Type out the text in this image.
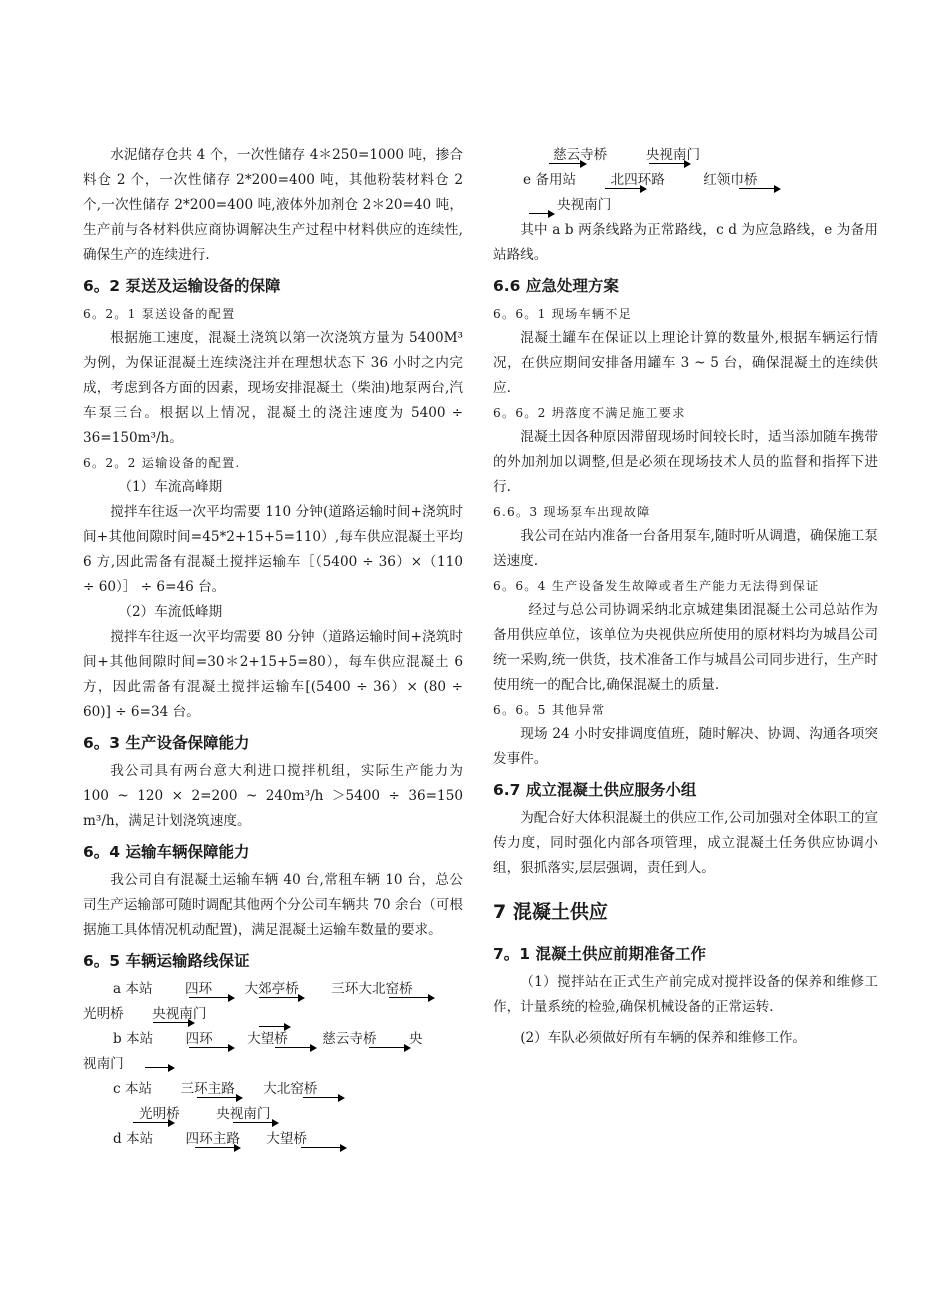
水泥储存仓共 4 个，一次性储存 4＊250=1000 吨，掺合料仓 2 个，一次性储存 2*200=400 吨，其他粉装材料仓 2 个,一次性储存 2*200=400 吨,液体外加剂仓 2＊20=40 吨，生产前与各材料供应商协调解决生产过程中材料供应的连续性,确保生产的连续进行.

6。2 泵送及运输设备的保障
6。2。1 泵送设备的配置

根据施工速度，混凝土浇筑以第一次浇筑方量为 5400M³ 为例，为保证混凝土连续浇注并在理想状态下 36 小时之内完成，考虑到各方面的因素，现场安排混凝土（柴油)地泵两台,汽车泵三台。根据以上情况，混凝土的浇注速度为 5400 ÷ 36=150m³/h。

6。2。2 运输设备的配置.

（1）车流高峰期

搅拌车往返一次平均需要 110 分钟(道路运输时间+浇筑时间+其他间隙时间=45*2+15+5=110）,每车供应混凝土平均 6 方,因此需备有混凝土搅拌运输车［（5400 ÷ 36）×（110 ÷ 60）］ ÷ 6=46 台。

（2）车流低峰期

搅拌车往返一次平均需要 80 分钟（道路运输时间+浇筑时间+其他间隙时间=30＊2+15+5=80），每车供应混凝土 6 方，因此需备有混凝土搅拌运输车[(5400 ÷ 36）× (80 ÷ 60)] ÷ 6=34 台。

6。3 生产设备保障能力

我公司具有两台意大利进口搅拌机组，实际生产能力为 100 ~ 120 × 2=200 ~ 240m³/h ＞5400 ÷ 36=150 m³/h，满足计划浇筑速度。

6。4 运输车辆保障能力

我公司自有混凝土运输车辆 40 台,常租车辆 10 台，总公司生产运输部可随时调配其他两个分公司车辆共 70 余台（可根据施工具体情况机动配置)，满足混凝土运输车数量的要求。

6。5 车辆运输路线保证
a 本站 四环 大郊亭桥 三环大北窑桥
光明桥 央视南门
b 本站 四环	大望桥	慈云寺桥 央
视南门
c 本站 三环主路 大北窑桥
光明桥	央视南门
d 本站 四环主路 大望桥
慈云寺桥	央视南门
e 备用站	北四环路	红领巾桥
央视南门

其中 a b 两条线路为正常路线，c d 为应急路线，e 为备用站路线。

6.6 应急处理方案
6。6。1 现场车辆不足

混凝土罐车在保证以上理论计算的数量外,根据车辆运行情况，在供应期间安排备用罐车 3 ~ 5 台，确保混凝土的连续供应.

6。6。2 坍落度不满足施工要求

混凝土因各种原因滞留现场时间较长时，适当添加随车携带的外加剂加以调整,但是必须在现场技术人员的监督和指挥下进行.

6.6。3 现场泵车出现故障

我公司在站内准备一台备用泵车,随时听从调遣，确保施工泵送速度.

6。6。4 生产设备发生故障或者生产能力无法得到保证

经过与总公司协调采纳北京城建集团混凝土公司总站作为备用供应单位，该单位为央视供应所使用的原材料均为城昌公司统一采购,统一供货，技术准备工作与城昌公司同步进行，生产时使用统一的配合比,确保混凝土的质量.

6。6。5 其他异常

现场 24 小时安排调度值班，随时解决、协调、沟通各项突发事件。

6.7 成立混凝土供应服务小组

为配合好大体积混凝土的供应工作,公司加强对全体职工的宣传力度，同时强化内部各项管理，成立混凝土任务供应协调小组，狠抓落实,层层强调，责任到人。

7 混凝土供应
7。1 混凝土供应前期准备工作

（1）搅拌站在正式生产前完成对搅拌设备的保养和维修工作，计量系统的检验,确保机械设备的正常运转.

(2）车队必须做好所有车辆的保养和维修工作。
